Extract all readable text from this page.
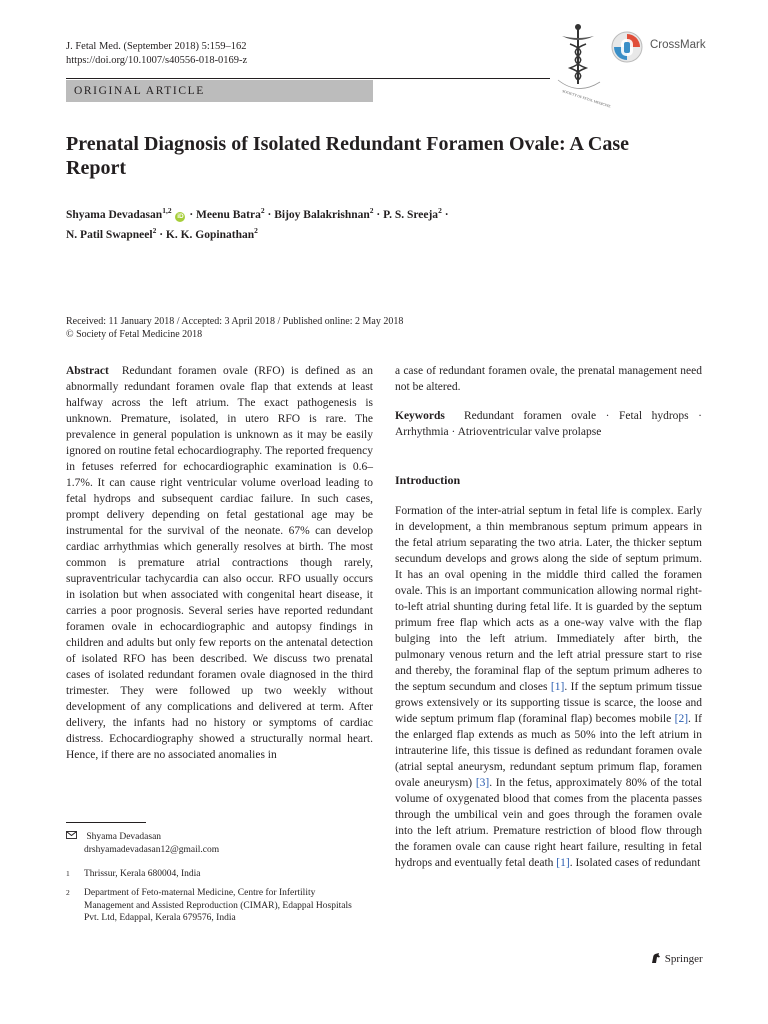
J. Fetal Med. (September 2018) 5:159–162
https://doi.org/10.1007/s40556-018-0169-z
ORIGINAL ARTICLE	SOCIETY OF FETAL MEDICINE
CrossMark
Prenatal Diagnosis of Isolated Redundant Foramen Ovale: A Case Report
Shyama Devadasan$^{1,2}$ iD · Meenu Batra$^2$ · Bijoy Balakrishnan$^2$ · P. S. Sreeja$^2$ ·
N. Patil Swapneel$^2$ · K. K. Gopinathan$^2$
Received: 11 January 2018 / Accepted: 3 April 2018 / Published online: 2 May 2018
© Society of Fetal Medicine 2018

Abstract Redundant foramen ovale (RFO) is defined as an abnormally redundant foramen ovale flap that extends at least halfway across the left atrium. The exact pathogenesis is unknown. Premature, isolated, in utero RFO is rare. The prevalence in general population is unknown as it may be easily ignored on routine fetal echocardiography. The reported frequency in fetuses referred for echocardiographic examination is 0.6–1.7%. It can cause right ventricular volume overload leading to fetal hydrops and subsequent cardiac failure. In such cases, prompt delivery depending on fetal gestational age may be instrumental for the survival of the neonate. 67% can develop cardiac arrhythmias which generally resolves at birth. The most common is premature atrial contractions though rarely, supraventricular tachycardia can also occur. RFO usually occurs in isolation but when associated with congenital heart disease, it carries a poor prognosis. Several series have reported redundant foramen ovale in echocardiographic and autopsy findings in children and adults but only few reports on the antenatal detection of isolated RFO has been described. We discuss two prenatal cases of isolated redundant foramen ovale diagnosed in the third trimester. They were followed up two weekly without development of any complications and delivered at term. After delivery, the infants had no history or symptoms of cardiac distress. Echocardiography showed a structurally normal heart. Hence, if there are no associated anomalies in

a case of redundant foramen ovale, the prenatal management need not be altered.

Keywords Redundant foramen ovale · Fetal hydrops · Arrhythmia · Atrioventricular valve prolapse

Introduction

Formation of the inter-atrial septum in fetal life is complex. Early in development, a thin membranous septum primum appears in the fetal atrium separating the two atria. Later, the thicker septum secundum develops and grows along the side of septum primum. It has an oval opening in the middle third called the foramen ovale. This is an important communication allowing normal right-to-left atrial shunting during fetal life. It is guarded by the septum primum free flap which acts as a one-way valve with the flap bulging into the left atrium. Immediately after birth, the pulmonary venous return and the left atrial pressure start to rise and thereby, the foraminal flap of the septum primum adheres to the septum secundum and closes [1]. If the septum primum tissue grows extensively or its supporting tissue is scarce, the loose and wide septum primum flap (foraminal flap) becomes mobile [2]. If the enlarged flap extends as much as 50% into the left atrium in intrauterine life, this tissue is defined as redundant foramen ovale (atrial septal aneurysm, redundant septum primum flap, foramen ovale aneurysm) [3]. In the fetus, approximately 80% of the total volume of oxygenated blood that comes from the placenta passes through the umbilical vein and goes through the foramen ovale into the left atrium. Premature restriction of blood flow through the foramen ovale can cause right heart failure, resulting in fetal hydrops and eventually fetal death [1]. Isolated cases of redundant

Shyama Devadasan
drshyamadevadasan12@gmail.com
$^1$ Thrissur, Kerala 680004, India
$^2$ Department of Feto-maternal Medicine, Centre for Infertility Management and Assisted Reproduction (CIMAR), Edappal Hospitals Pvt. Ltd, Edappal, Kerala 679576, India
Springer
